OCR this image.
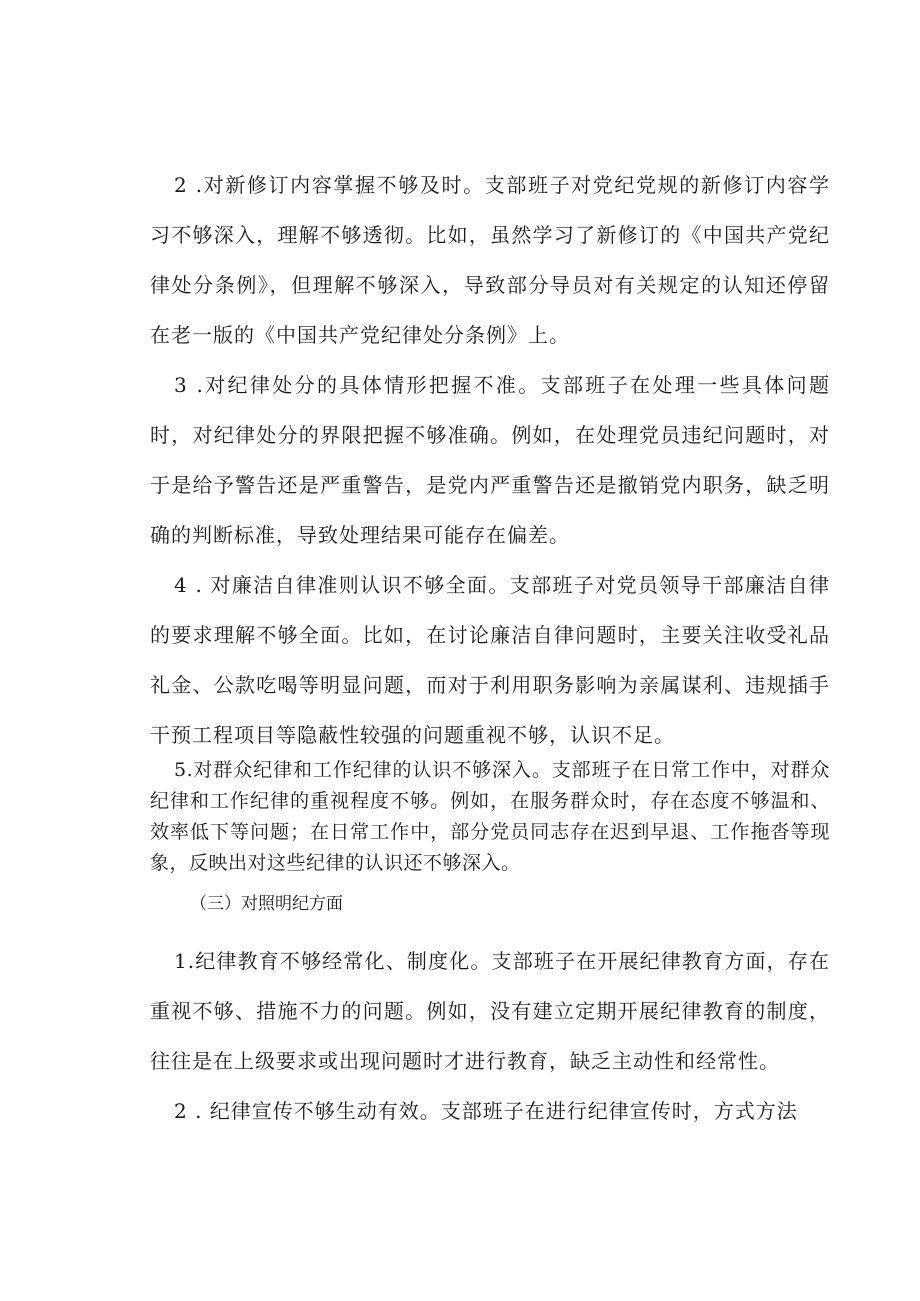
2 .对新修订内容掌握不够及时。支部班子对党纪党规的新修订内容学习不够深入，理解不够透彻。比如，虽然学习了新修订的《中国共产党纪律处分条例》，但理解不够深入，导致部分导员对有关规定的认知还停留在老一版的《中国共产党纪律处分条例》上。

3 .对纪律处分的具体情形把握不准。支部班子在处理一些具体问题时，对纪律处分的界限把握不够准确。例如，在处理党员违纪问题时，对于是给予警告还是严重警告，是党内严重警告还是撤销党内职务，缺乏明确的判断标准，导致处理结果可能存在偏差。

4 . 对廉洁自律准则认识不够全面。支部班子对党员领导干部廉洁自律的要求理解不够全面。比如，在讨论廉洁自律问题时，主要关注收受礼品礼金、公款吃喝等明显问题，而对于利用职务影响为亲属谋利、违规插手干预工程项目等隐蔽性较强的问题重视不够，认识不足。

5.对群众纪律和工作纪律的认识不够深入。支部班子在日常工作中，对群众纪律和工作纪律的重视程度不够。例如，在服务群众时，存在态度不够温和、效率低下等问题；在日常工作中，部分党员同志存在迟到早退、工作拖沓等现象，反映出对这些纪律的认识还不够深入。

（三）对照明纪方面

1.纪律教育不够经常化、制度化。支部班子在开展纪律教育方面，存在重视不够、措施不力的问题。例如，没有建立定期开展纪律教育的制度，往往是在上级要求或出现问题时才进行教育，缺乏主动性和经常性。

2 . 纪律宣传不够生动有效。支部班子在进行纪律宣传时，方式方法
